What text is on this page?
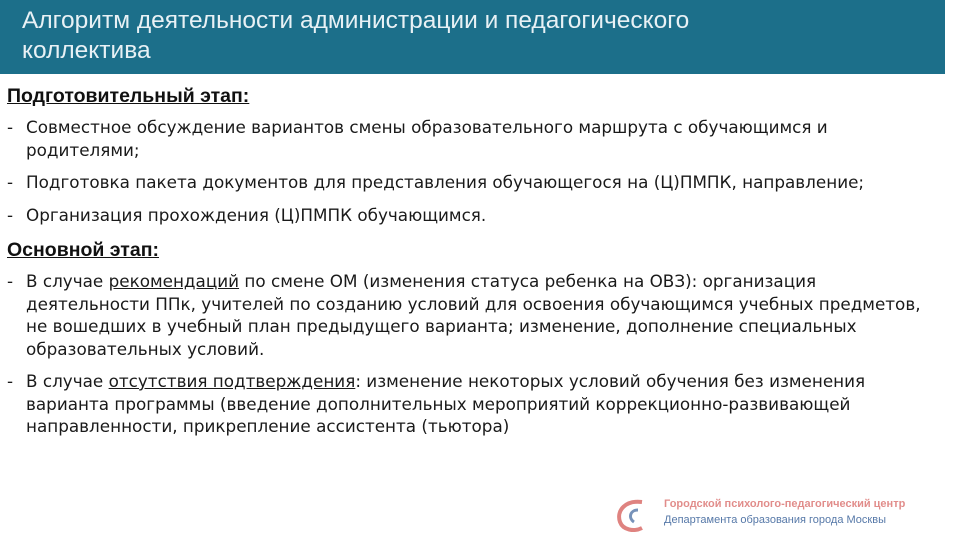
Алгоритм деятельности администрации и педагогического
коллектива
Подготовительный этап:
- Совместное обсуждение вариантов смены образовательного маршрута с обучающимся и родителями;
- Подготовка пакета документов для представления обучающегося на (Ц)ПМПК, направление;
- Организация прохождения (Ц)ПМПК обучающимся.
Основной этап:
- В случае рекомендаций по смене ОМ (изменения статуса ребенка на ОВЗ): организация деятельности ППк, учителей по созданию условий для освоения обучающимся учебных предметов, не вошедших в учебный план предыдущего варианта; изменение, дополнение специальных образовательных условий.
- В случае отсутствия подтверждения: изменение некоторых условий обучения без изменения варианта программы (введение дополнительных мероприятий коррекционно-развивающей направленности, прикрепление ассистента (тьютора)
Городской психолого-педагогический центр
Департамента образования города Москвы
